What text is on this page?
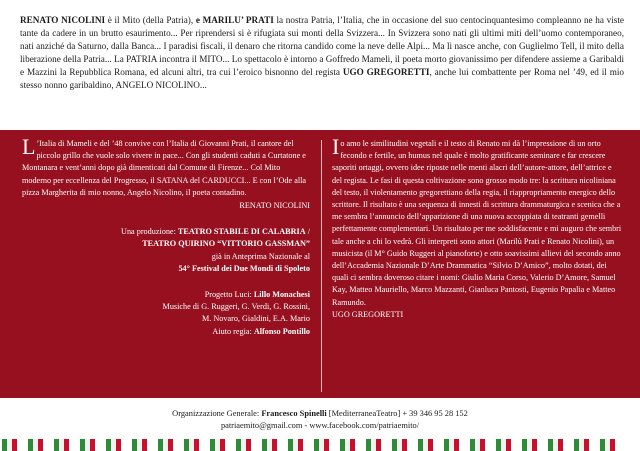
RENATO NICOLINI è il Mito (della Patria), e MARILU’ PRATI la nostra Patria, l’Italia, che in occasione del suo centocinquantesimo compleanno ne ha viste tante da cadere in un brutto esaurimento... Per riprendersi si è rifugiata sui monti della Svizzera... In Svizzera sono nati gli ultimi miti dell’uomo contemporaneo, nati anziché da Saturno, dalla Banca... I paradisi fiscali, il denaro che ritorna candido come la neve delle Alpi... Ma lì nasce anche, con Guglielmo Tell, il mito della liberazione della Patria... La PATRIA incontra il MITO... Lo spettacolo è intorno a Goffredo Mameli, il poeta morto giovanissimo per difendere assieme a Garibaldi e Mazzini la Repubblica Romana, ed alcuni altri, tra cui l’eroico bisnonno del regista UGO GREGORETTI, anche lui combattente per Roma nel ’49, ed il mio stesso nonno garibaldino, ANGELO NICOLINO...
L ’Italia di Mameli e del ’48 convive con l’Italia di Giovanni Prati, il cantore del piccolo grillo che vuole solo vivere in pace... Con gli studenti caduti a Curtatone e Montanara e vent’anni dopo già dimenticati dal Comune di Firenze... Col Mito moderno per eccellenza del Progresso, il SATANA del CARDUCCI... E con l’Ode alla pizza Margherita di mio nonno, Angelo Nicolino, il poeta contadino.
RENATO NICOLINI
Una produzione: TEATRO STABILE DI CALABRIA /
TEATRO QUIRINO “VITTORIO GASSMAN”
già in Anteprima Nazionale al
54° Festival dei Due Mondi di Spoleto
Progetto Luci: Lillo Monachesi
Musiche di G. Ruggeri, G. Verdi, G. Rossini,
M. Novaro, Gialdini, E.A. Mario
Aiuto regia: Alfonso Pontillo
Io amo le similitudini vegetali e il testo di Renato mi dà l’impressione di un orto fecondo e fertile, un humus nel quale è molto gratificante seminare e far crescere saporiti ortaggi, ovvero idee riposte nelle menti alacri dell’autore-attore, dell’attrice e del regista. Le fasi di questa coltivazione sono grosso modo tre: la scrittura nicoliniana del testo, il violentamento gregorettiano della regia, il riappropriamento energico dello scrittore. Il risultato è una sequenza di innesti di scrittura drammaturgica e scenica che a me sembra l’annuncio dell’apparizione di una nuova accoppiata di teatranti gemelli perfettamente complementari. Un risultato per me soddisfacente e mi auguro che sembri tale anche a chi lo vedrà. Gli interpreti sono attori (Marilù Prati e Renato Nicolini), un musicista (il M° Guido Ruggeri al pianoforte) e otto soavissimi allievi del secondo anno dell’Accademia Nazionale D’Arte Drammatica “Silvio D’Amico”, molto dotati, dei quali ci sembra doveroso citare i nomi: Giulio Maria Corso, Valerio D’Amore, Samuel Kay, Matteo Mauriello, Marco Mazzanti, Gianluca Pantosti, Eugenio Papalia e Matteo Ramundo.
UGO GREGORETTI
Organizzazione Generale: Francesco Spinelli [MediterraneaTeatro] + 39 346 95 28 152
patriaemito@gmail.com - www.facebook.com/patriaemito/
